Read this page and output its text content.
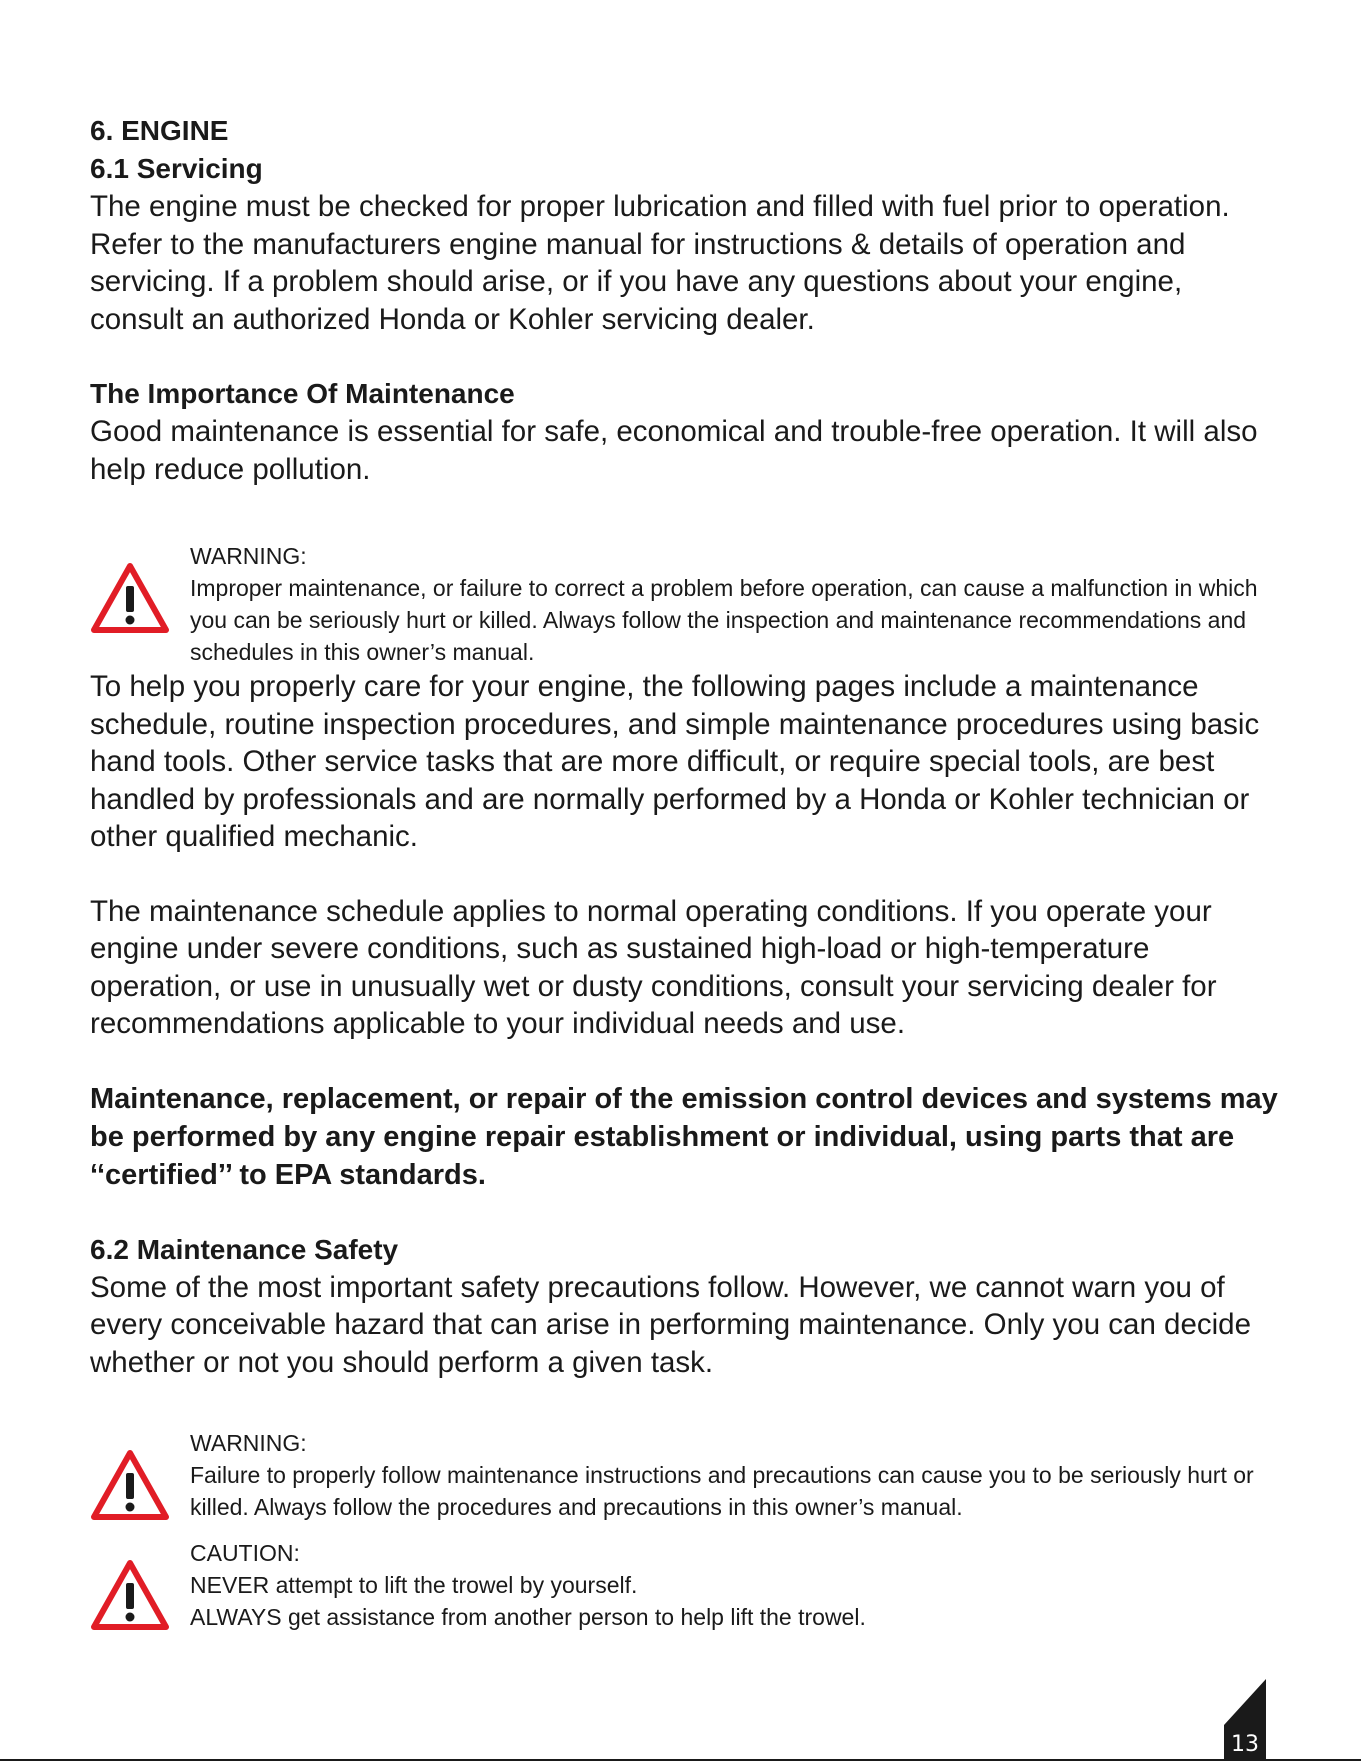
6. ENGINE

6.1 Servicing

The engine must be checked for proper lubrication and filled with fuel prior to operation. Refer to the manufacturers engine manual for instructions & details of operation and servicing. If a problem should arise, or if you have any questions about your engine, consult an authorized Honda or Kohler servicing dealer.

The Importance Of Maintenance

Good maintenance is essential for safe, economical and trouble-free operation. It will also help reduce pollution.

WARNING:

Improper maintenance, or failure to correct a problem before operation, can cause a malfunction in which you can be seriously hurt or killed. Always follow the inspection and maintenance recommendations and schedules in this owner’s manual.

To help you properly care for your engine, the following pages include a maintenance schedule, routine inspection procedures, and simple maintenance procedures using basic hand tools. Other service tasks that are more difficult, or require special tools, are best handled by professionals and are normally performed by a Honda or Kohler technician or other qualified mechanic.

The maintenance schedule applies to normal operating conditions. If you operate your engine under severe conditions, such as sustained high-load or high-temperature operation, or use in unusually wet or dusty conditions, consult your servicing dealer for recommendations applicable to your individual needs and use.

Maintenance, replacement, or repair of the emission control devices and systems may be performed by any engine repair establishment or individual, using parts that are ‘‘certified’’ to EPA standards.

6.2 Maintenance Safety

Some of the most important safety precautions follow. However, we cannot warn you of every conceivable hazard that can arise in performing maintenance. Only you can decide whether or not you should perform a given task.

WARNING:

Failure to properly follow maintenance instructions and precautions can cause you to be seriously hurt or killed. Always follow the procedures and precautions in this owner’s manual.

CAUTION:

NEVER attempt to lift the trowel by yourself.

ALWAYS get assistance from another person to help lift the trowel.

13
